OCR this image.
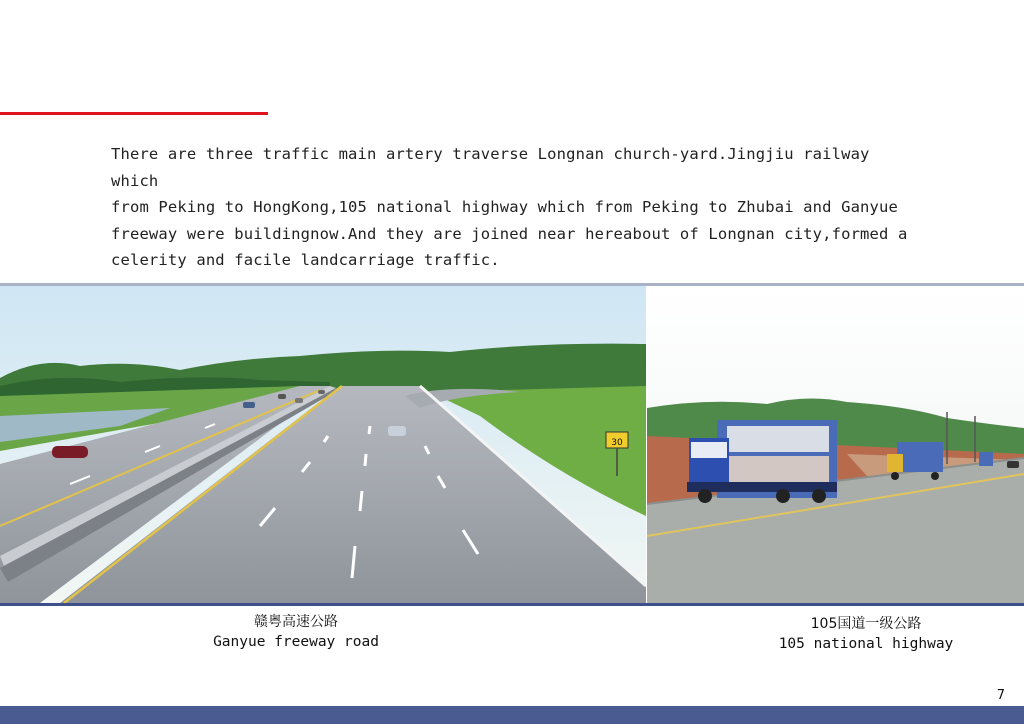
There are three traffic main artery traverse Longnan church-yard.Jingjiu railway which
from Peking to HongKong,105 national highway which from Peking to Zhubai and Ganyue
freeway were buildingnow.And they are joined near hereabout of Longnan city,formed a
celerity and facile landcarriage traffic.
30
赣粤高速公路
Ganyue freeway road
105国道一级公路
105 national highway
7
